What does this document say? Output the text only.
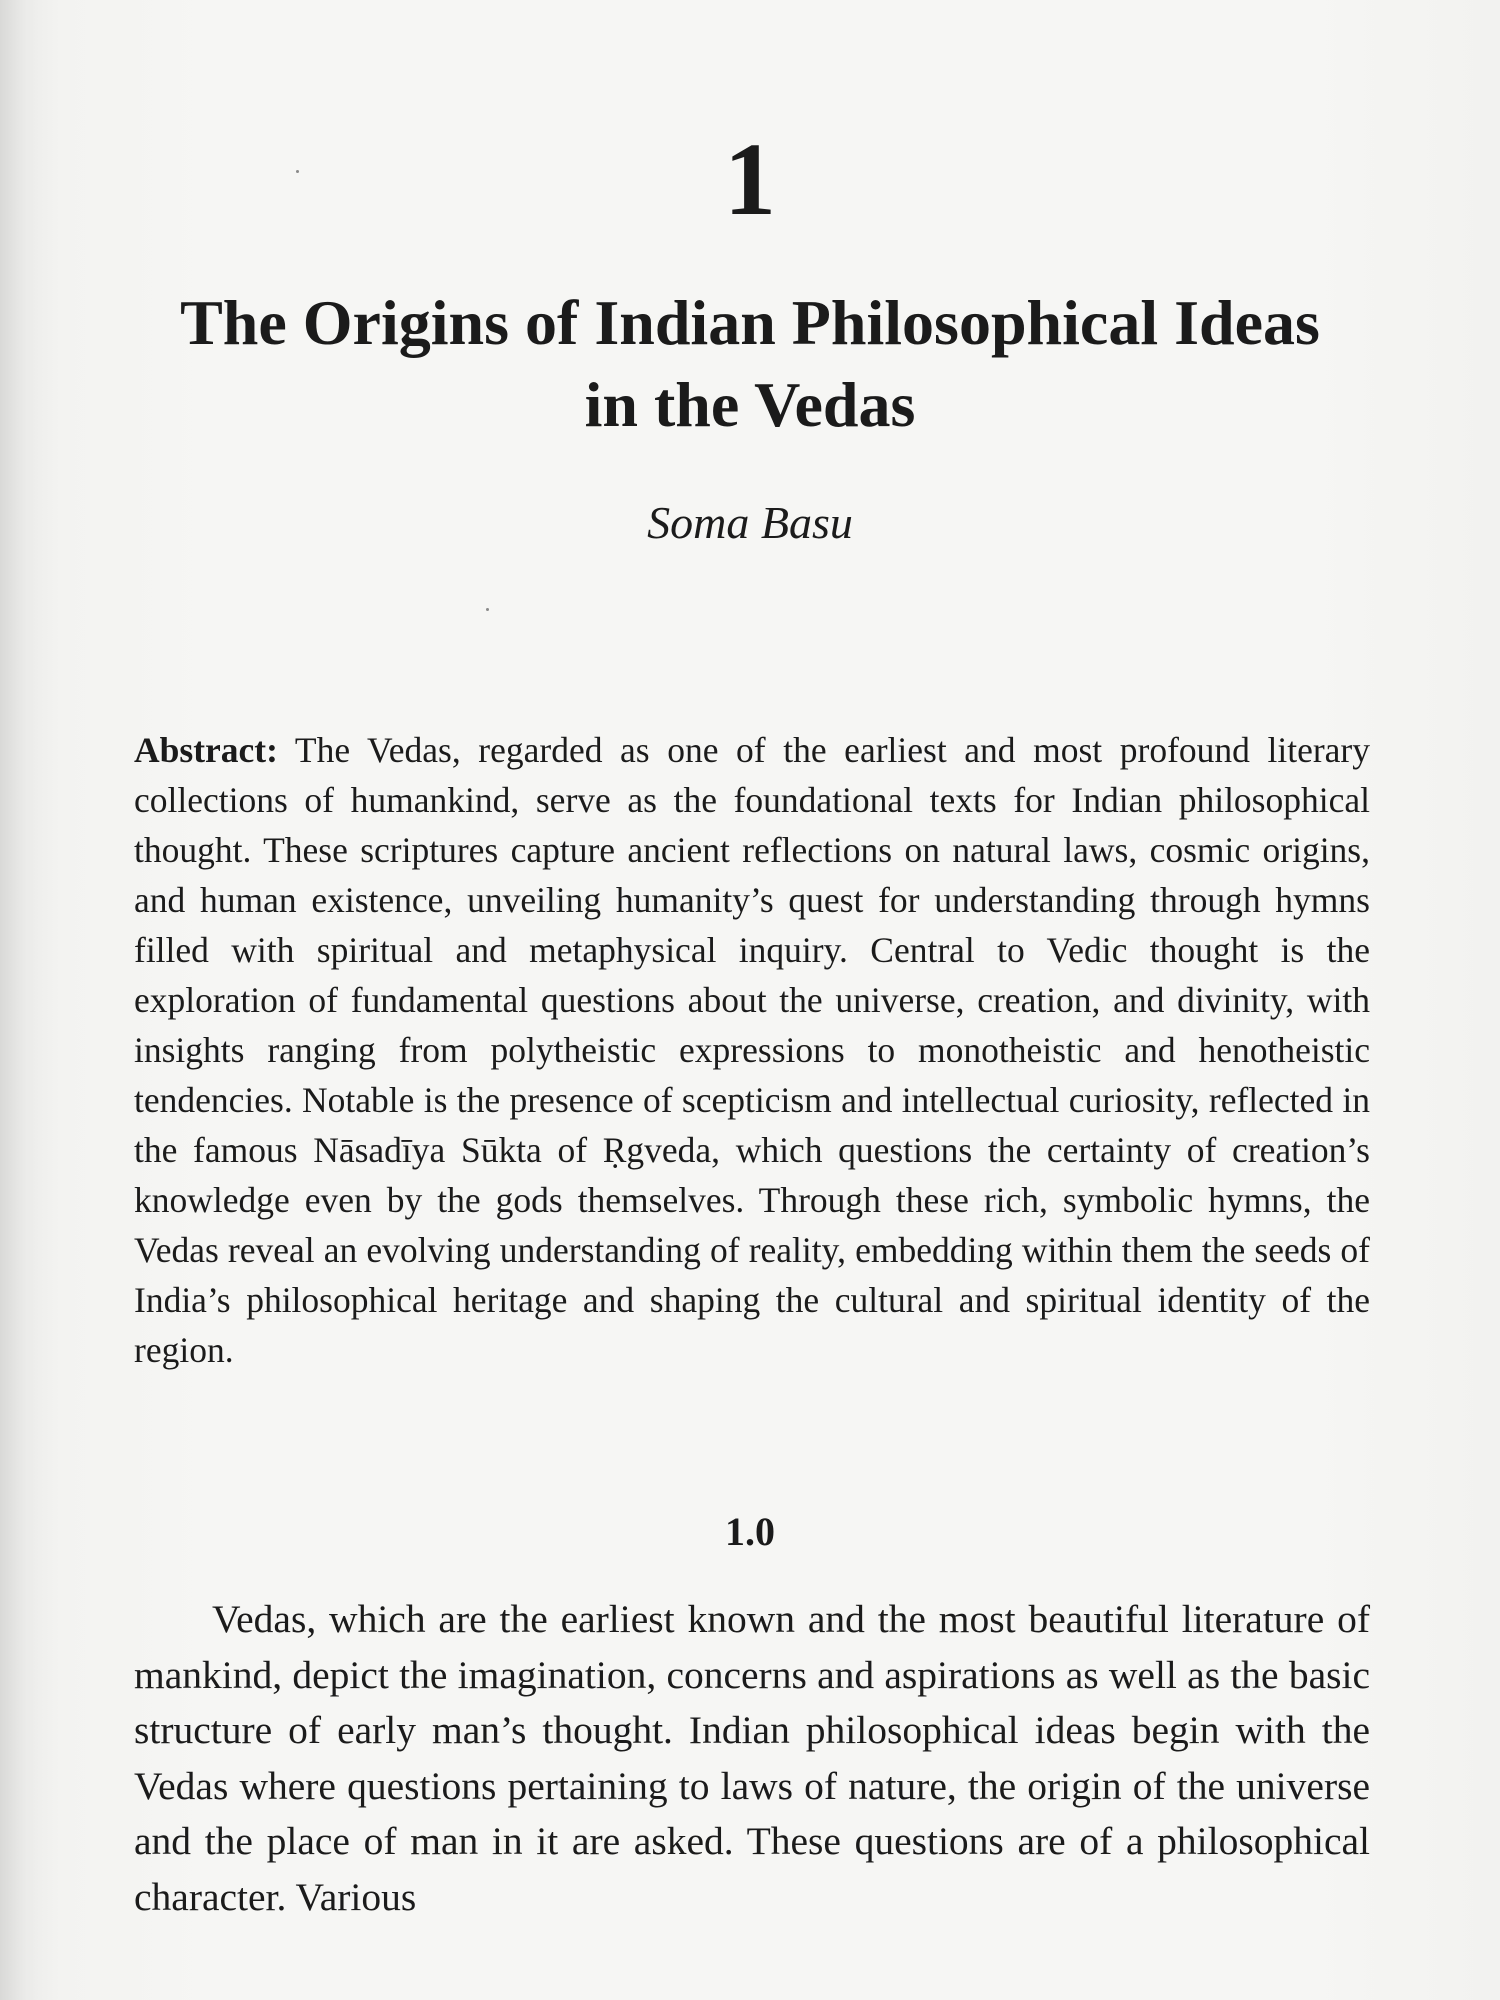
1
The Origins of Indian Philosophical Ideas
in the Vedas
Soma Basu

Abstract: The Vedas, regarded as one of the earliest and most profound literary collections of humankind, serve as the foundational texts for Indian philosophical thought. These scriptures capture ancient reflections on natural laws, cosmic origins, and human existence, unveiling humanity’s quest for understanding through hymns filled with spiritual and metaphysical inquiry. Central to Vedic thought is the exploration of fundamental questions about the universe, creation, and divinity, with insights ranging from polytheistic expressions to monotheistic and henotheistic tendencies. Notable is the presence of scepticism and intellectual curiosity, reflected in the famous Nāsadīya Sūkta of Ṛgveda, which questions the certainty of creation’s knowledge even by the gods themselves. Through these rich, symbolic hymns, the Vedas reveal an evolving understanding of reality, embedding within them the seeds of India’s philosophical heritage and shaping the cultural and spiritual identity of the region.

1.0

Vedas, which are the earliest known and the most beautiful literature of mankind, depict the imagination, concerns and aspirations as well as the basic structure of early man’s thought. Indian philosophical ideas begin with the Vedas where questions pertaining to laws of nature, the origin of the universe and the place of man in it are asked. These questions are of a philosophical character. Various
